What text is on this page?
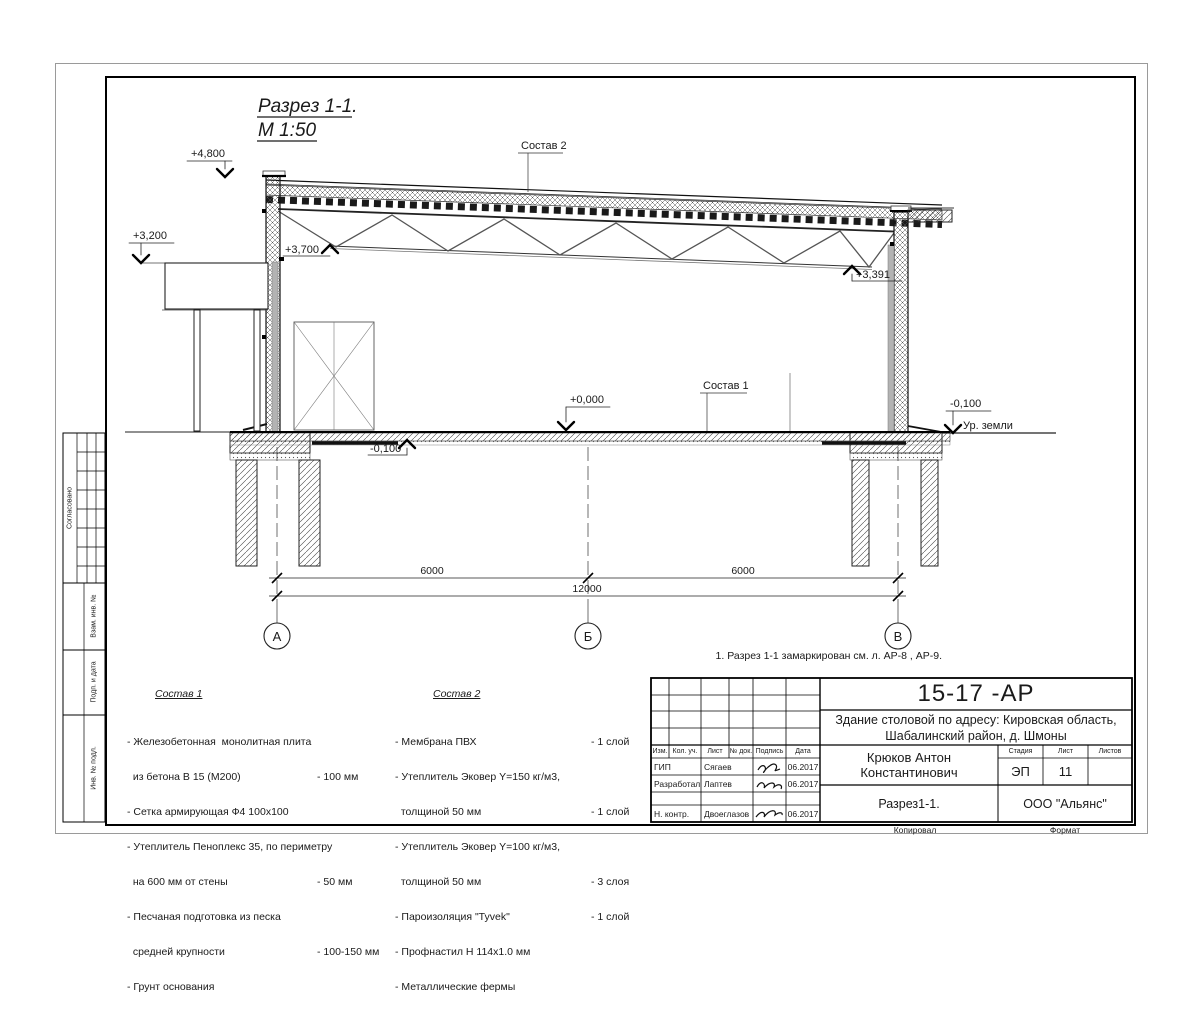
Разрез 1-1.
М 1:50
6000	6000
12000
А	Б	В
+4,800
+3,200
+3,700
+3,391
+0,000
-0,100
-0,100
Ур. земли
Состав 2
Состав 1

Состав 1

- Железобетонная  монолитная плита

из бетона В 15 (М200)	- 100 мм

- Сетка армирующая Ф4 100х100

- Утеплитель Пеноплекс 35, по периметру

на 600 мм от стены	- 50 мм

- Песчаная подготовка из песка

средней крупности	- 100-150 мм

- Грунт основания

Состав 2

- Мембрана ПВХ	- 1 слой

- Утеплитель Эковер Y=150 кг/м3,

толщиной 50 мм	- 1 слой

- Утеплитель Эковер Y=100 кг/м3,

толщиной 50 мм	- 3 слоя

- Пароизоляция "Tyvek"	- 1 слой

- Профнастил Н 114х1.0 мм

- Металлические фермы

1. Разрез 1-1 замаркирован см. л. АР-8 , АР-9.
Согласовано
Взам. инв. №
Подп. и дата
Инв. № подл.
15-17 -АР
Здание столовой по адресу: Кировская область,
Шабалинский район, д. Шмоны
Крюков Антон Константинович
Изм. Кол. уч.	Лист	№ док. Подпись	Дата
ГИП	Сягаев	06.2017
Разработал Лаптев	06.2017
Н. контр.	Двоеглазов	06.2017
Стадия	Лист	Листов
ЭП	11
Разрез1-1.	ООО "Альянс"
Копировал	Формат
